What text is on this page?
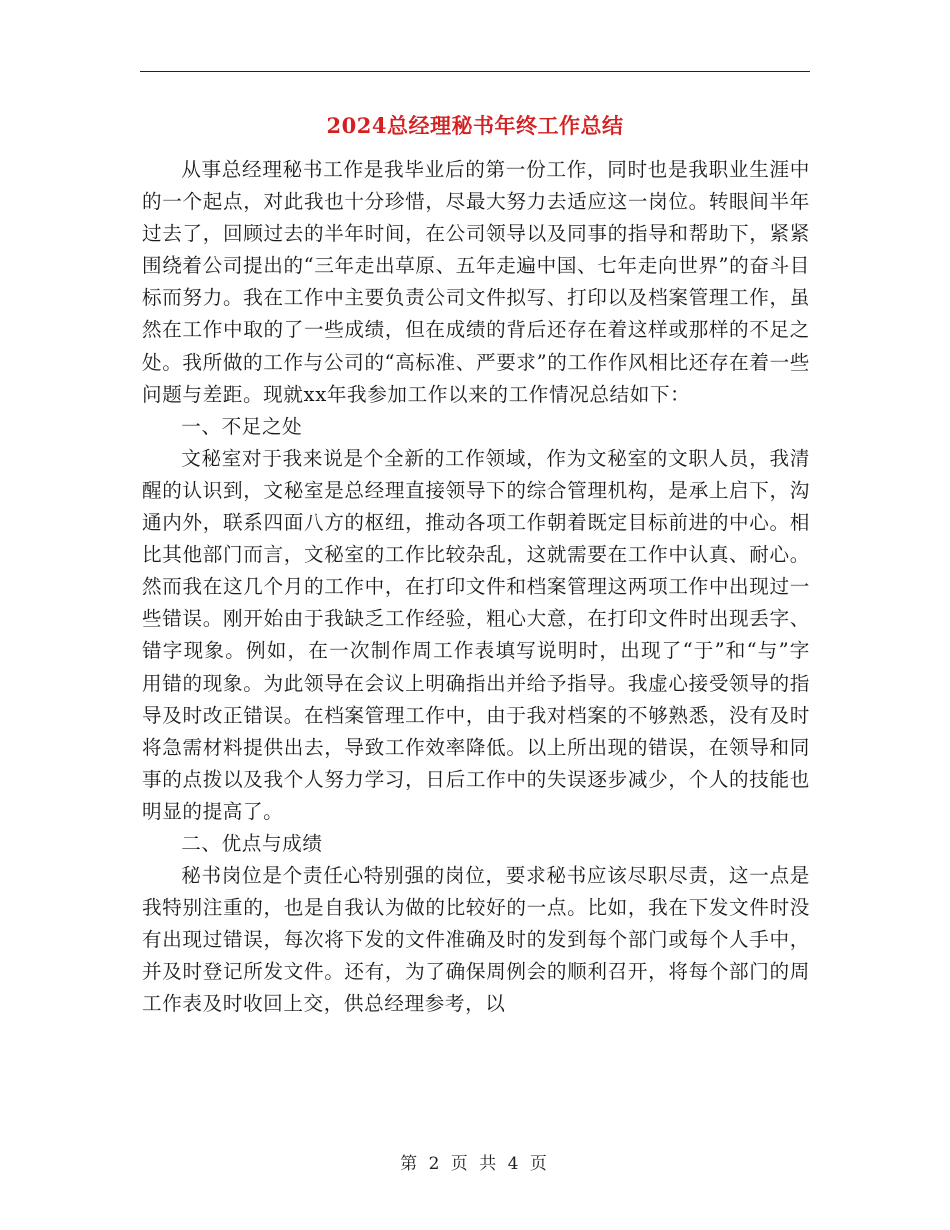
2024总经理秘书年终工作总结

从事总经理秘书工作是我毕业后的第一份工作，同时也是我职业生涯中的一个起点，对此我也十分珍惜，尽最大努力去适应这一岗位。转眼间半年过去了，回顾过去的半年时间，在公司领导以及同事的指导和帮助下，紧紧围绕着公司提出的“三年走出草原、五年走遍中国、七年走向世界”的奋斗目标而努力。我在工作中主要负责公司文件拟写、打印以及档案管理工作，虽然在工作中取的了一些成绩，但在成绩的背后还存在着这样或那样的不足之处。我所做的工作与公司的“高标准、严要求”的工作作风相比还存在着一些问题与差距。现就xx年我参加工作以来的工作情况总结如下：

一、不足之处

文秘室对于我来说是个全新的工作领域，作为文秘室的文职人员，我清醒的认识到，文秘室是总经理直接领导下的综合管理机构，是承上启下，沟通内外，联系四面八方的枢纽，推动各项工作朝着既定目标前进的中心。相比其他部门而言，文秘室的工作比较杂乱，这就需要在工作中认真、耐心。然而我在这几个月的工作中，在打印文件和档案管理这两项工作中出现过一些错误。刚开始由于我缺乏工作经验，粗心大意，在打印文件时出现丢字、错字现象。例如，在一次制作周工作表填写说明时，出现了“于”和“与”字用错的现象。为此领导在会议上明确指出并给予指导。我虚心接受领导的指导及时改正错误。在档案管理工作中，由于我对档案的不够熟悉，没有及时将急需材料提供出去，导致工作效率降低。以上所出现的错误，在领导和同事的点拨以及我个人努力学习，日后工作中的失误逐步减少，个人的技能也明显的提高了。

二、优点与成绩

秘书岗位是个责任心特别强的岗位，要求秘书应该尽职尽责，这一点是我特别注重的，也是自我认为做的比较好的一点。比如，我在下发文件时没有出现过错误，每次将下发的文件准确及时的发到每个部门或每个人手中，并及时登记所发文件。还有，为了确保周例会的顺利召开，将每个部门的周工作表及时收回上交，供总经理参考，以

第 2 页 共 4 页
